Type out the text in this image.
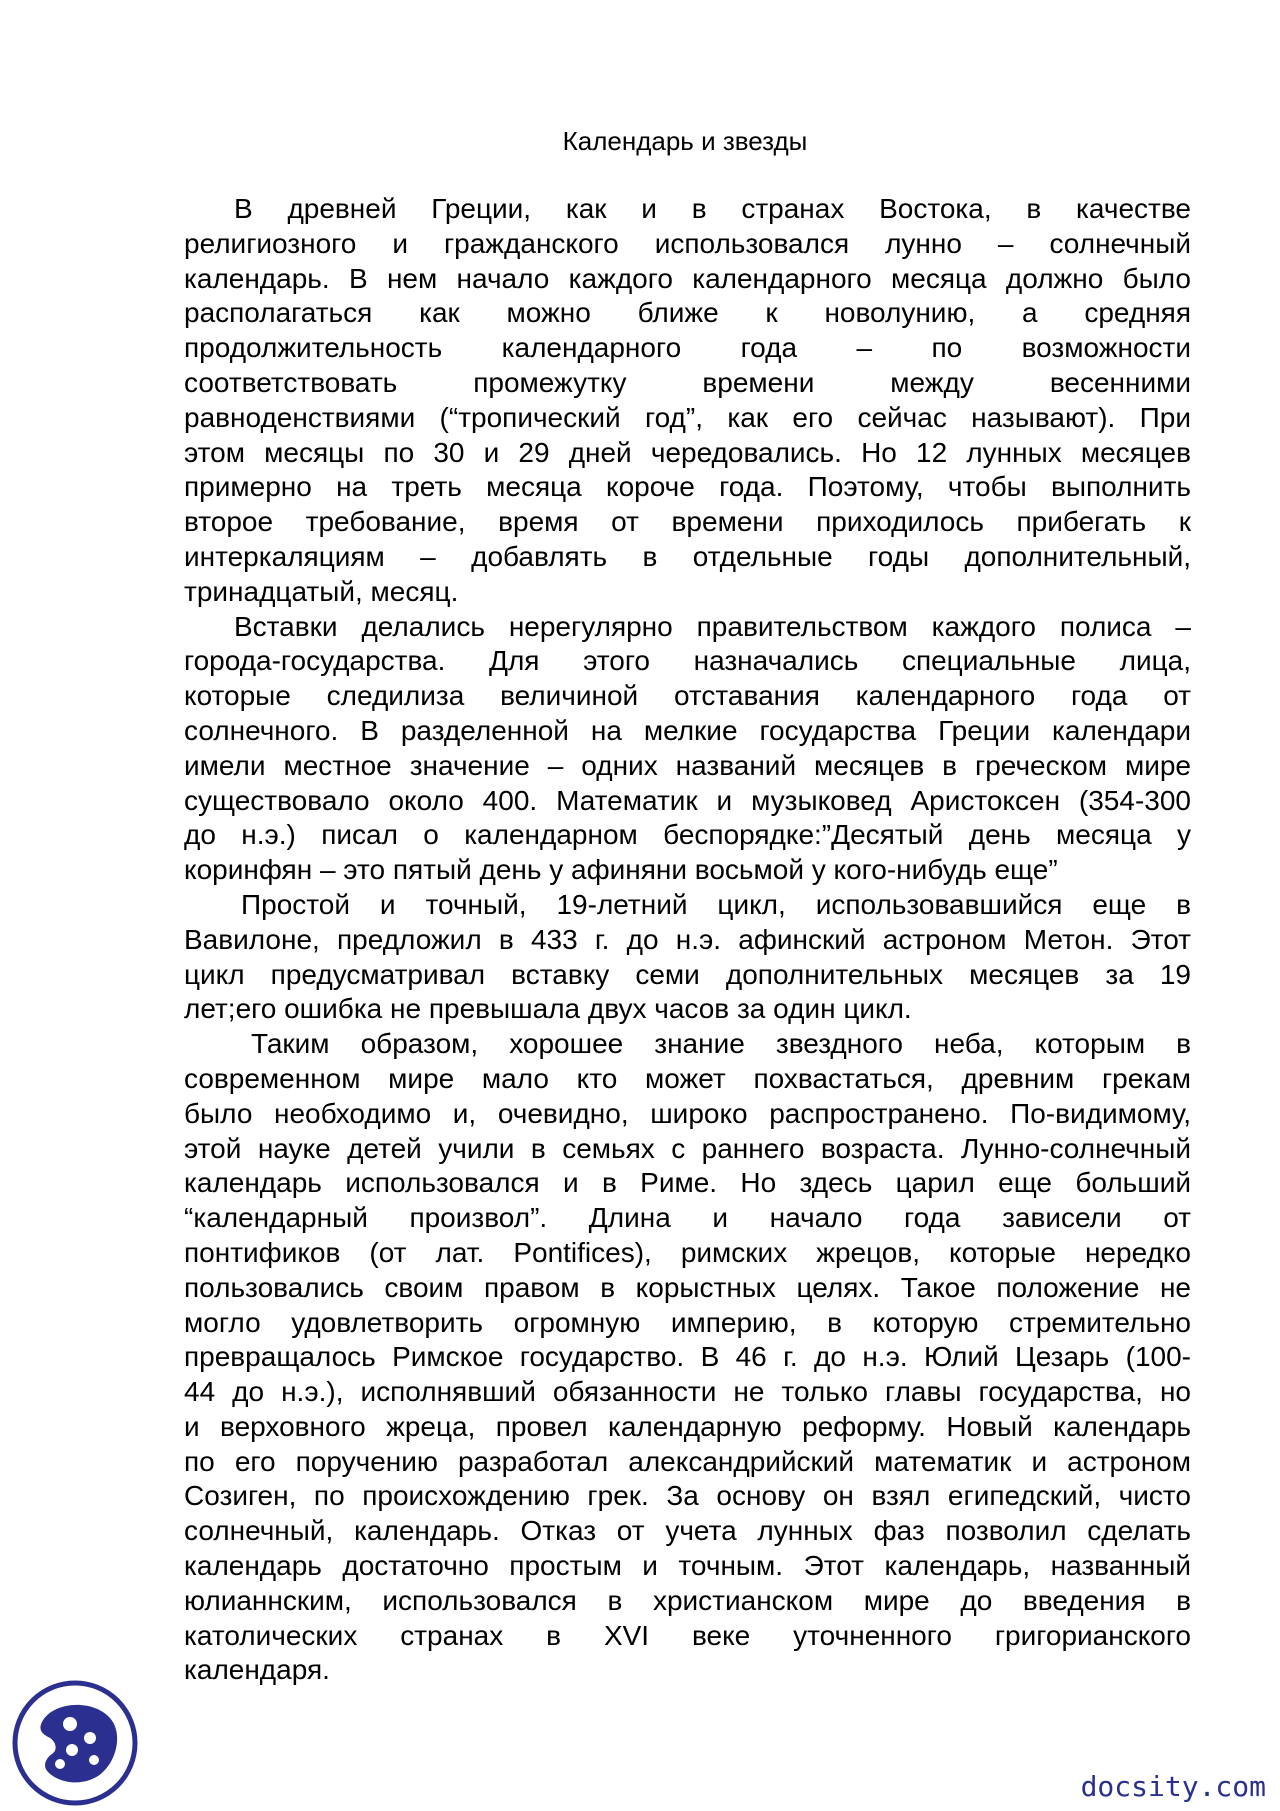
Календарь и звезды
В древней Греции, как и в странах Востока, в качестве
религиозного и гражданского использовался лунно – солнечный
календарь. В нем начало каждого календарного месяца должно было
располагаться как можно ближе к новолунию, а средняя
продолжительность календарного года – по возможности
соответствовать промежутку времени между весенними
равноденствиями (“тропический год”, как его сейчас называют). При
этом месяцы по 30 и 29 дней чередовались. Но 12 лунных месяцев
примерно на треть месяца короче года. Поэтому, чтобы выполнить
второе требование, время от времени приходилось прибегать к
интеркаляциям – добавлять в отдельные годы дополнительный,
тринадцатый, месяц.
Вставки делались нерегулярно правительством каждого полиса –
города-государства. Для этого назначались специальные лица,
которые следилиза величиной отставания календарного года от
солнечного. В разделенной на мелкие государства Греции календари
имели местное значение – одних названий месяцев в греческом мире
существовало около 400. Математик и музыковед Аристоксен (354-300
до н.э.) писал о календарном беспорядке:”Десятый день месяца у
коринфян – это пятый день у афиняни восьмой у кого-нибудь еще”
Простой и точный, 19-летний цикл, использовавшийся еще в
Вавилоне, предложил в 433 г. до н.э. афинский астроном Метон. Этот
цикл предусматривал вставку семи дополнительных месяцев за 19
лет;его ошибка не превышала двух часов за один цикл.
Таким образом, хорошее знание звездного неба, которым в
современном мире мало кто может похвастаться, древним грекам
было необходимо и, очевидно, широко распространено. По-видимому,
этой науке детей учили в семьях с раннего возраста. Лунно-солнечный
календарь использовался и в Риме. Но здесь царил еще больший
“календарный произвол”. Длина и начало года зависели от
понтификов (от лат. Pontifices), римских жрецов, которые нередко
пользовались своим правом в корыстных целях. Такое положение не
могло удовлетворить огромную империю, в которую стремительно
превращалось Римское государство. В 46 г. до н.э. Юлий Цезарь (100-
44 до н.э.), исполнявший обязанности не только главы государства, но
и верховного жреца, провел календарную реформу. Новый календарь
по его поручению разработал александрийский математик и астроном
Созиген, по происхождению грек. За основу он взял египедский, чисто
солнечный, календарь. Отказ от учета лунных фаз позволил сделать
календарь достаточно простым и точным. Этот календарь, названный
юлианнским, использовался в христианском мире до введения в
католических странах в XVI веке уточненного григорианского
календаря.
docsity.com
